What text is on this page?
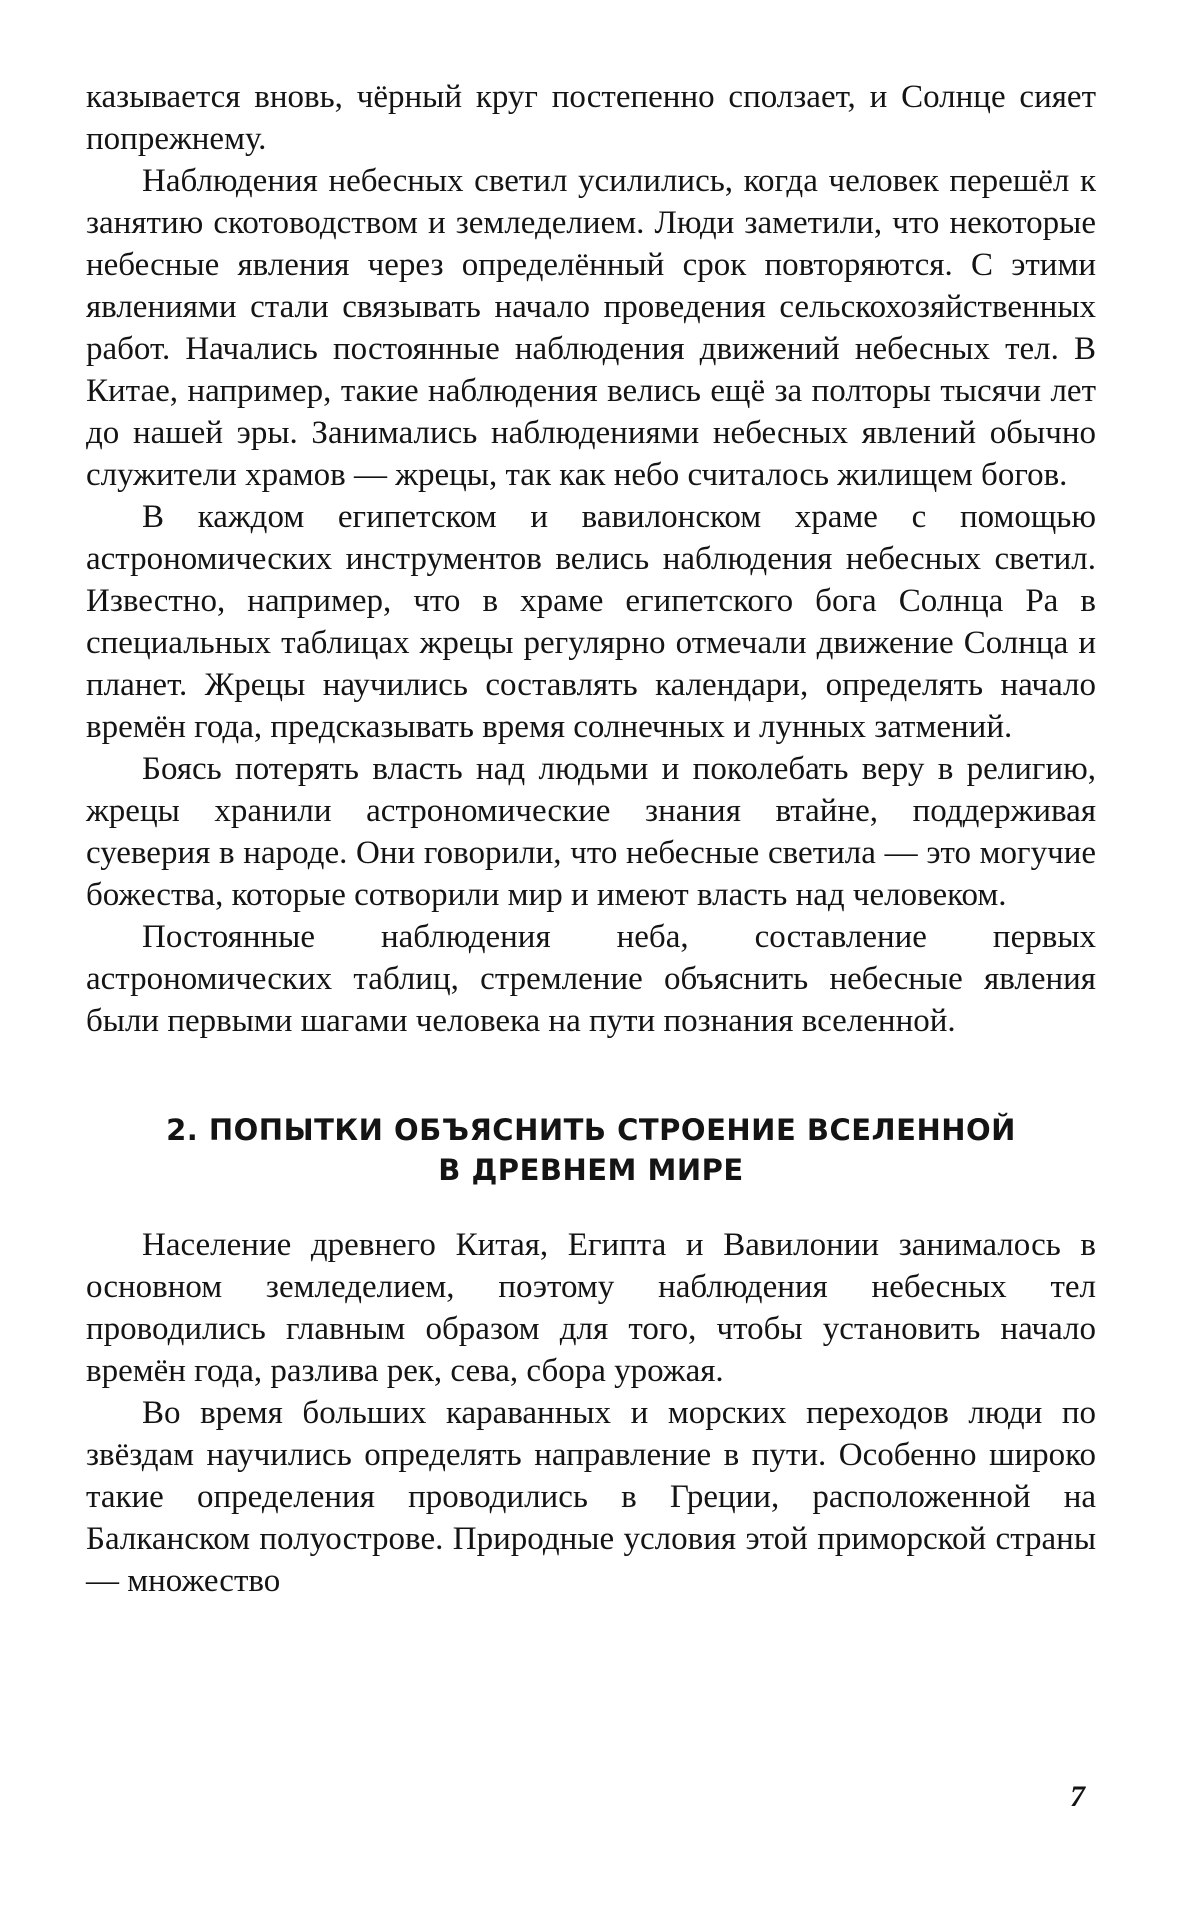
казывается вновь, чёрный круг постепенно сползает, и Солнце сияет попрежнему.

Наблюдения небесных светил усилились, когда человек перешёл к занятию скотоводством и земледелием. Люди заметили, что некоторые небесные явления через определённый срок повторяются. С этими явлениями стали связывать начало проведения сельскохозяйственных работ. Начались постоянные наблюдения движений небесных тел. В Китае, например, такие наблюдения велись ещё за полторы тысячи лет до нашей эры. Занимались наблюдениями небесных явлений обычно служители храмов — жрецы, так как небо считалось жилищем богов.

В каждом египетском и вавилонском храме с помощью астрономических инструментов велись наблюдения небесных светил. Известно, например, что в храме египетского бога Солнца Ра в специальных таблицах жрецы регулярно отмечали движение Солнца и планет. Жрецы научились составлять календари, определять начало времён года, предсказывать время солнечных и лунных затмений.

Боясь потерять власть над людьми и поколебать веру в религию, жрецы хранили астрономические знания втайне, поддерживая суеверия в народе. Они говорили, что небесные светила — это могучие божества, которые сотворили мир и имеют власть над человеком.

Постоянные наблюдения неба, составление первых астрономических таблиц, стремление объяснить небесные явления были первыми шагами человека на пути познания вселенной.

2. ПОПЫТКИ ОБЪЯСНИТЬ СТРОЕНИЕ ВСЕЛЕННОЙ
В ДРЕВНЕМ МИРЕ

Население древнего Китая, Египта и Вавилонии занималось в основном земледелием, поэтому наблюдения небесных тел проводились главным образом для того, чтобы установить начало времён года, разлива рек, сева, сбора урожая.

Во время больших караванных и морских переходов люди по звёздам научились определять направление в пути. Особенно широко такие определения проводились в Греции, расположенной на Балканском полуострове. Природные условия этой приморской страны — множество

7
